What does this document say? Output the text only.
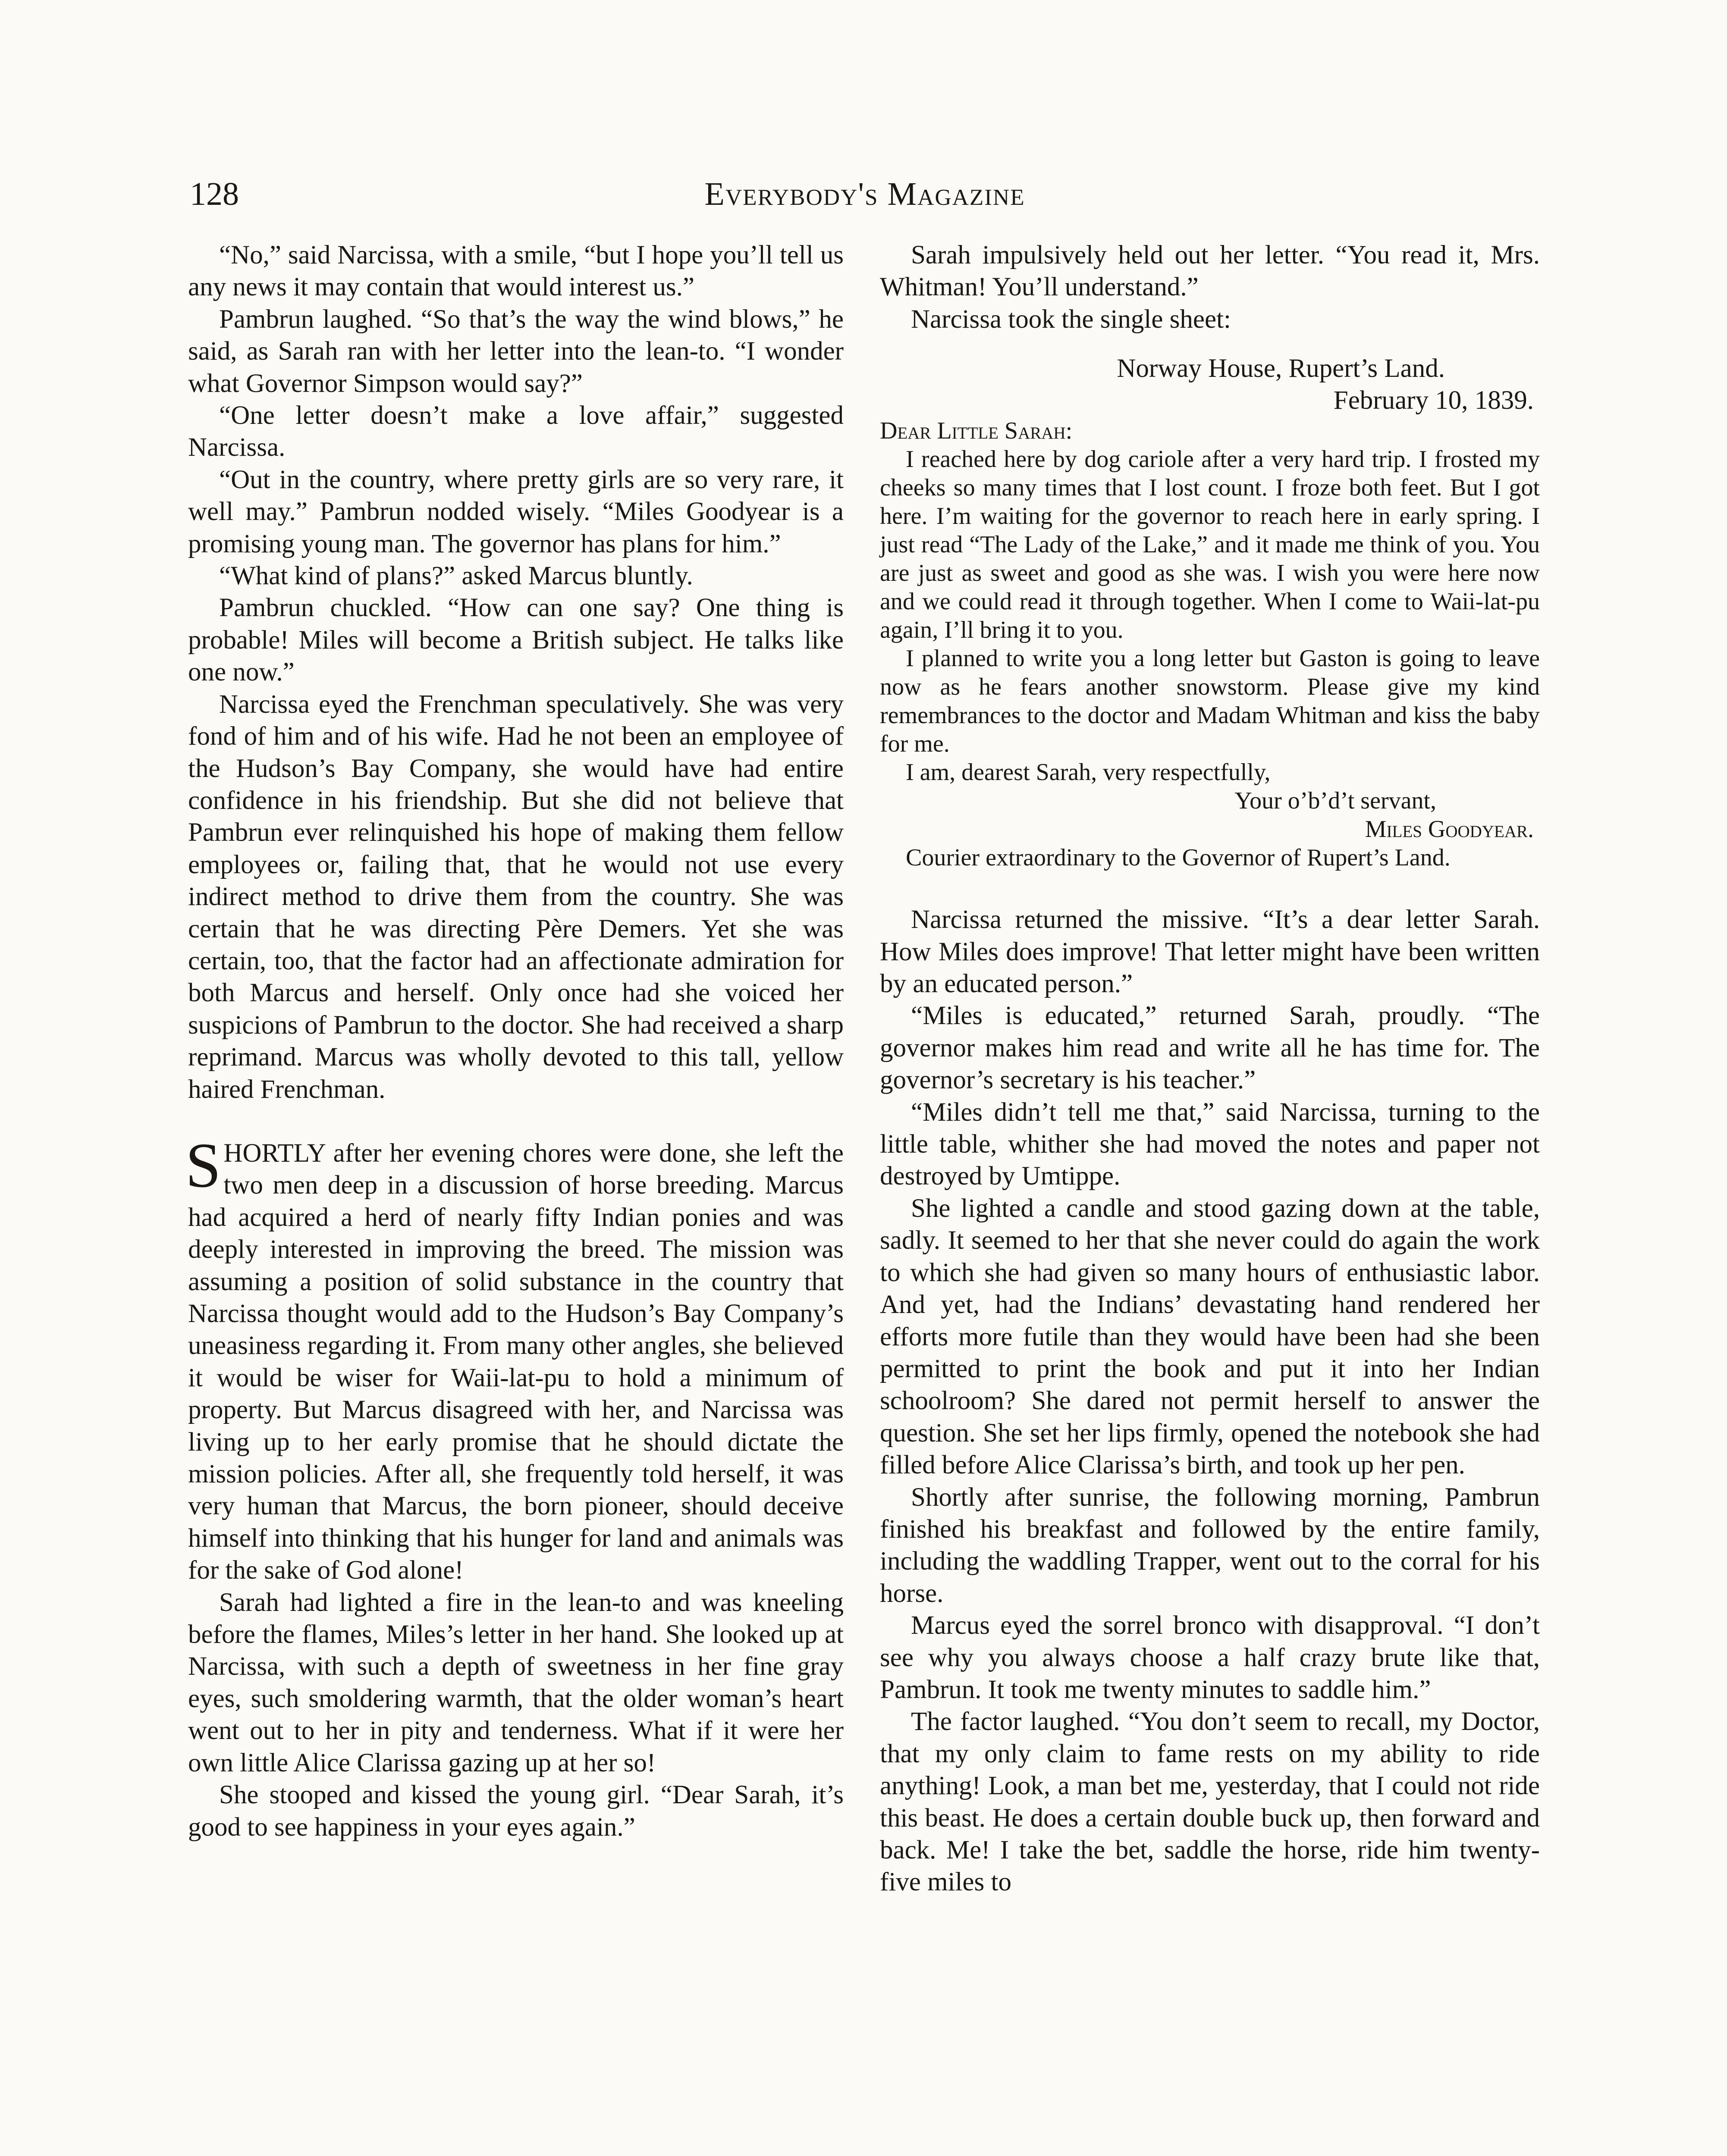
128	Everybody's Magazine

“No,” said Narcissa, with a smile, “but I hope you’ll tell us any news it may contain that would interest us.”

Pambrun laughed. “So that’s the way the wind blows,” he said, as Sarah ran with her letter into the lean-to. “I wonder what Governor Simpson would say?”

“One letter doesn’t make a love affair,” suggested Narcissa.

“Out in the country, where pretty girls are so very rare, it well may.” Pambrun nodded wisely. “Miles Goodyear is a promising young man. The governor has plans for him.”

“What kind of plans?” asked Marcus bluntly.

Pambrun chuckled. “How can one say? One thing is probable! Miles will become a British subject. He talks like one now.”

Narcissa eyed the Frenchman speculatively. She was very fond of him and of his wife. Had he not been an employee of the Hudson’s Bay Company, she would have had entire confidence in his friendship. But she did not believe that Pambrun ever relinquished his hope of making them fellow employees or, failing that, that he would not use every indirect method to drive them from the country. She was certain that he was directing Père Demers. Yet she was certain, too, that the factor had an affectionate admiration for both Marcus and herself. Only once had she voiced her suspicions of Pambrun to the doctor. She had received a sharp reprimand. Marcus was wholly devoted to this tall, yellow haired Frenchman.

SHORTLY after her evening chores were done, she left the two men deep in a discussion of horse breeding. Marcus had acquired a herd of nearly fifty Indian ponies and was deeply interested in improving the breed. The mission was assuming a position of solid substance in the country that Narcissa thought would add to the Hudson’s Bay Company’s uneasiness regarding it. From many other angles, she believed it would be wiser for Waii-lat-pu to hold a minimum of property. But Marcus disagreed with her, and Narcissa was living up to her early promise that he should dictate the mission policies. After all, she frequently told herself, it was very human that Marcus, the born pioneer, should deceive himself into thinking that his hunger for land and animals was for the sake of God alone!

Sarah had lighted a fire in the lean-to and was kneeling before the flames, Miles’s letter in her hand. She looked up at Narcissa, with such a depth of sweetness in her fine gray eyes, such smoldering warmth, that the older woman’s heart went out to her in pity and tenderness. What if it were her own little Alice Clarissa gazing up at her so!

She stooped and kissed the young girl. “Dear Sarah, it’s good to see happiness in your eyes again.”

Sarah impulsively held out her letter. “You read it, Mrs. Whitman! You’ll understand.”

Narcissa took the single sheet:

Norway House, Rupert’s Land.

February 10, 1839.

Dear Little Sarah:

I reached here by dog cariole after a very hard trip. I frosted my cheeks so many times that I lost count. I froze both feet. But I got here. I’m waiting for the governor to reach here in early spring. I just read “The Lady of the Lake,” and it made me think of you. You are just as sweet and good as she was. I wish you were here now and we could read it through together. When I come to Waii-lat-pu again, I’ll bring it to you.

I planned to write you a long letter but Gaston is going to leave now as he fears another snowstorm. Please give my kind remembrances to the doctor and Madam Whitman and kiss the baby for me.

I am, dearest Sarah, very respectfully,

Your o’b’d’t servant,

Miles Goodyear.

Courier extraordinary to the Governor of Rupert’s Land.

Narcissa returned the missive. “It’s a dear letter Sarah. How Miles does improve! That letter might have been written by an educated person.”

“Miles is educated,” returned Sarah, proudly. “The governor makes him read and write all he has time for. The governor’s secretary is his teacher.”

“Miles didn’t tell me that,” said Narcissa, turning to the little table, whither she had moved the notes and paper not destroyed by Umtippe.

She lighted a candle and stood gazing down at the table, sadly. It seemed to her that she never could do again the work to which she had given so many hours of enthusiastic labor. And yet, had the Indians’ devastating hand rendered her efforts more futile than they would have been had she been permitted to print the book and put it into her Indian schoolroom? She dared not permit herself to answer the question. She set her lips firmly, opened the notebook she had filled before Alice Clarissa’s birth, and took up her pen.

Shortly after sunrise, the following morning, Pambrun finished his breakfast and followed by the entire family, including the waddling Trapper, went out to the corral for his horse.

Marcus eyed the sorrel bronco with disapproval. “I don’t see why you always choose a half crazy brute like that, Pambrun. It took me twenty minutes to saddle him.”

The factor laughed. “You don’t seem to recall, my Doctor, that my only claim to fame rests on my ability to ride anything! Look, a man bet me, yesterday, that I could not ride this beast. He does a certain double buck up, then forward and back. Me! I take the bet, saddle the horse, ride him twenty-five miles to
